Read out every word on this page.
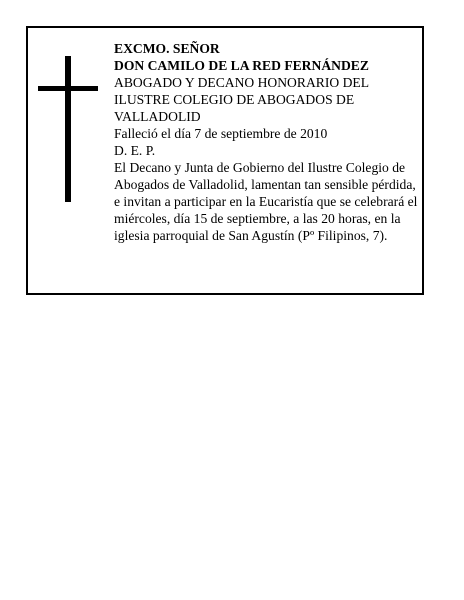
EXCMO. SEÑOR

DON CAMILO DE LA RED FERNÁNDEZ

ABOGADO Y DECANO HONORARIO DEL ILUSTRE COLEGIO DE ABOGADOS DE VALLADOLID

Falleció el día 7 de septiembre de 2010

D. E. P.

El Decano y Junta de Gobierno del Ilustre Colegio de Abogados de Valladolid, lamentan tan sensible pérdida, e invitan a participar en la Eucaristía que se celebrará el miércoles, día 15 de septiembre, a las 20 horas, en la iglesia parroquial de San Agustín (Pº Filipinos, 7).
